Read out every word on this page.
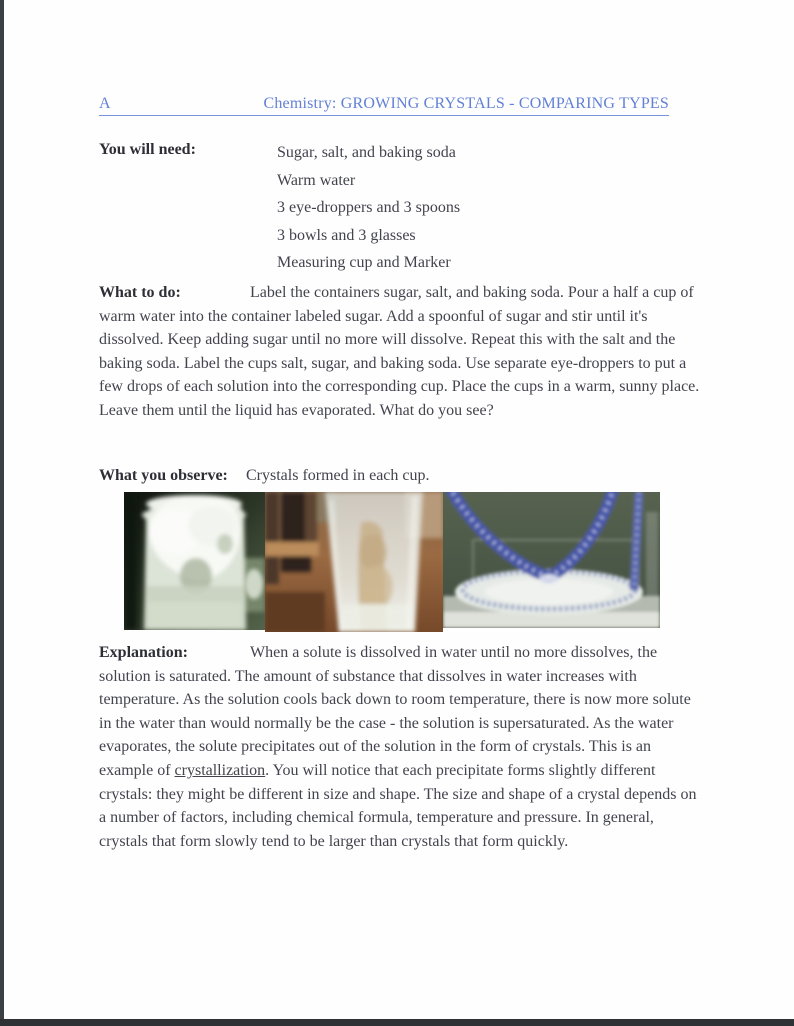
A	Chemistry: GROWING CRYSTALS - COMPARING TYPES
You will need:	Sugar, salt, and baking soda
Warm water
3 eye-droppers and 3 spoons
3 bowls and 3 glasses
Measuring cup and Marker
What to do:	Label the containers sugar, salt, and baking soda. Pour a half a cup of warm water into the container labeled sugar. Add a spoonful of sugar and stir until it's dissolved. Keep adding sugar until no more will dissolve. Repeat this with the salt and the baking soda. Label the cups salt, sugar, and baking soda. Use separate eye-droppers to put a few drops of each solution into the corresponding cup. Place the cups in a warm, sunny place. Leave them until the liquid has evaporated. What do you see?

What you observe:	Crystals formed in each cup.

Explanation:	When a solute is dissolved in water until no more dissolves, the solution is saturated. The amount of substance that dissolves in water increases with temperature. As the solution cools back down to room temperature, there is now more solute in the water than would normally be the case - the solution is supersaturated. As the water evaporates, the solute precipitates out of the solution in the form of crystals. This is an example of crystallization. You will notice that each precipitate forms slightly different crystals: they might be different in size and shape. The size and shape of a crystal depends on a number of factors, including chemical formula, temperature and pressure. In general, crystals that form slowly tend to be larger than crystals that form quickly.
